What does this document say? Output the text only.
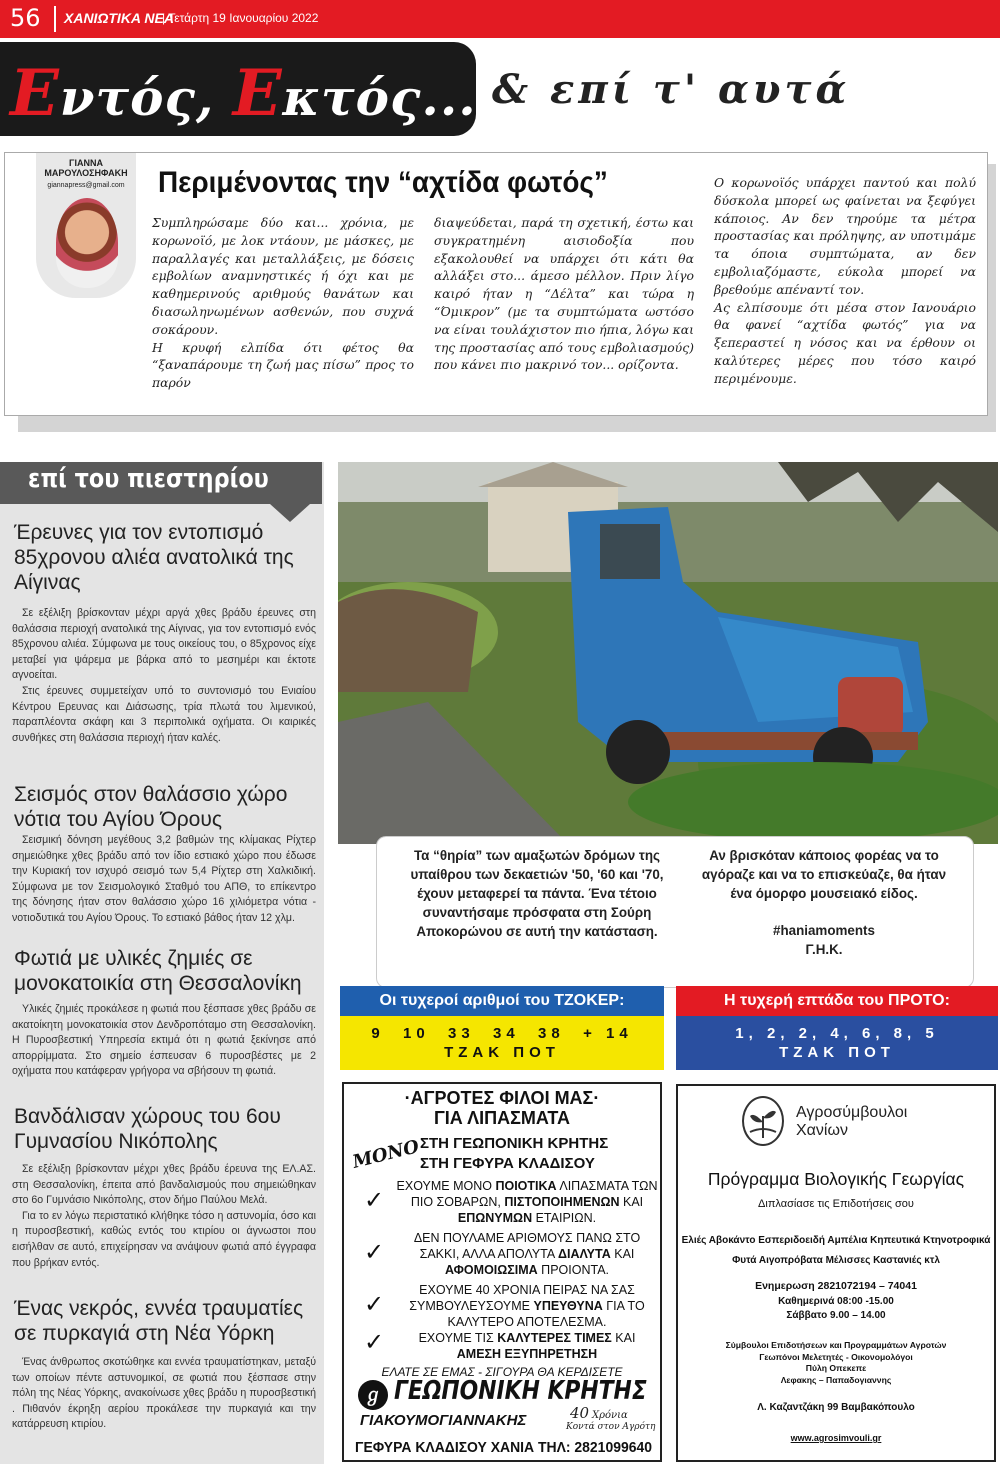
56 ΧΑΝΙΩΤΙΚΑ ΝΕΑ
| Τετάρτη 19 Ιανουαρίου 2022
Εντός, Εκτός... & επί τ' αυτά
ΓΙΑΝΝΑ
ΜΑΡΟΥΛΟΣΗΦΑΚΗ
giannapress@gmail.com	Περιμένοντας την “αχτίδα φωτός”

Συμπληρώσαμε δύο και... χρόνια, με κορωνοϊό, με λοκ ντάουν, με μάσκες, με παραλλαγές και μεταλλάξεις, με δόσεις εμβολίων αναμνηστικές ή όχι και με καθημερινούς αριθμούς θανάτων και διασωληνωμένων ασθενών, που συχνά σοκάρουν.

Η κρυφή ελπίδα ότι φέτος θα “ξαναπάρουμε τη ζωή μας πίσω” προς το παρόν

διαψεύδεται, παρά τη σχετική, έστω και συγκρατημένη αισιοδοξία που εξακολουθεί να υπάρχει ότι κάτι θα αλλάξει στο... άμεσο μέλλον. Πριν λίγο καιρό ήταν η “Δέλτα” και τώρα η “Όμικρον” (με τα συμπτώματα ωστόσο να είναι τουλάχιστον πιο ήπια, λόγω και της προστασίας από τους εμβολιασμούς) που κάνει πιο μακρινό τον... ορίζοντα.

Ο κορωνοϊός υπάρχει παντού και πολύ δύσκολα μπορεί ως φαίνεται να ξεφύγει κάποιος. Αν δεν τηρούμε τα μέτρα προστασίας και πρόληψης, αν υποτιμάμε τα όποια συμπτώματα, αν δεν εμβολιαζόμαστε, εύκολα μπορεί να βρεθούμε απέναντί τον.

Ας ελπίσουμε ότι μέσα στον Ιανουάριο θα φανεί “αχτίδα φωτός” για να ξεπεραστεί η νόσος και να έρθουν οι καλύτερες μέρες που τόσο καιρό περιμένουμε.

επί του πιεστηρίου
Έρευνες για τον εντοπισμό 85χρονου αλιέα ανατολικά της Αίγινας

Σε εξέλιξη βρίσκονταν μέχρι αργά χθες βράδυ έρευνες στη θαλάσσια περιοχή ανατολικά της Αίγινας, για τον εντοπισμό ενός 85χρονου αλιέα. Σύμφωνα με τους οικείους του, ο 85χρονος είχε μεταβεί για ψάρεμα με βάρκα από το μεσημέρι και έκτοτε αγνοείται.

Στις έρευνες συμμετείχαν υπό το συντονισμό του Ενιαίου Κέντρου Ερευνας και Διάσωσης, τρία πλωτά του λιμενικού, παραπλέοντα σκάφη και 3 περιπολικά οχήματα. Οι καιρικές συνθήκες στη θαλάσσια περιοχή ήταν καλές.

Σεισμός στον θαλάσσιο χώρο νότια του Αγίου Όρους

Σεισμική δόνηση μεγέθους 3,2 βαθμών της κλίμακας Ρίχτερ σημειώθηκε χθες βράδυ από τον ίδιο εστιακό χώρο που έδωσε την Κυριακή τον ισχυρό σεισμό των 5,4 Ρίχτερ στη Χαλκιδική. Σύμφωνα με τον Σεισμολογικό Σταθμό του ΑΠΘ, το επίκεντρο της δόνησης ήταν στον θαλάσσιο χώρο 16 χιλιόμετρα νότια - νοτιοδυτικά του Αγίου Όρους. Το εστιακό βάθος ήταν 12 χλμ.

Φωτιά με υλικές ζημιές σε μονοκατοικία στη Θεσσαλονίκη

Υλικές ζημιές προκάλεσε η φωτιά που ξέσπασε χθες βράδυ σε ακατοίκητη μονοκατοικία στον Δενδροπόταμο στη Θεσσαλονίκη. Η Πυροσβεστική Υπηρεσία εκτιμά ότι η φωτιά ξεκίνησε από απορρίμματα. Στο σημείο έσπευσαν 6 πυροσβέστες με 2 οχήματα που κατάφεραν γρήγορα να σβήσουν τη φωτιά.

Βανδάλισαν χώρους του 6ου Γυμνασίου Νικόπολης

Σε εξέλιξη βρίσκονταν μέχρι χθες βράδυ έρευνα της ΕΛ.ΑΣ. στη Θεσσαλονίκη, έπειτα από βανδαλισμούς που σημειώθηκαν στο 6ο Γυμνάσιο Νικόπολης, στον δήμο Παύλου Μελά.

Για το εν λόγω περιστατικό κλήθηκε τόσο η αστυνομία, όσο και η πυροσβεστική, καθώς εντός του κτιρίου οι άγνωστοι που εισήλθαν σε αυτό, επιχείρησαν να ανάψουν φωτιά από έγγραφα που βρήκαν εντός.

Ένας νεκρός, εννέα τραυματίες σε πυρκαγιά στη Νέα Υόρκη

Ένας άνθρωπος σκοτώθηκε και εννέα τραυματίστηκαν, μεταξύ των οποίων πέντε αστυνομικοί, σε φωτιά που ξέσπασε στην πόλη της Νέας Υόρκης, ανακοίνωσε χθες βράδυ η πυροσβεστική . Πιθανόν έκρηξη αερίου προκάλεσε την πυρκαγιά και την κατάρρευση κτιρίου.

Τα “θηρία” των αμαξωτών δρόμων της υπαίθρου των δεκαετιών '50, '60 και '70, έχουν μεταφερεί τα πάντα. Ένα τέτοιο συναντήσαμε πρόσφατα στη Σούρη Αποκορώνου σε αυτή την κατάσταση.
Αν βρισκόταν κάποιος φορέας να το αγόραζε και να το επισκεύαζε, θα ήταν ένα όμορφο μουσειακό είδος.
#haniamoments
Γ.Η.Κ.
Οι τυχεροί αριθμοί του ΤΖΟΚΕΡ:
9  10  33  34  38  + 14
ΤΖΑΚ ΠΟΤ
Η τυχερή επτάδα του ΠΡΟΤΟ:
1, 2, 2, 4, 6, 8, 5
ΤΖΑΚ ΠΟΤ
·ΑΓΡΟΤΕΣ ΦΙΛΟΙ ΜΑΣ·
ΓΙΑ ΛΙΠΑΣΜΑΤΑ
ΜΟΝΟ
ΣΤΗ ΓΕΩΠΟΝΙΚΗ ΚΡΗΤΗΣ
ΣΤΗ ΓΕΦΥΡΑ ΚΛΑΔΙΣΟΥ
✓
ΕΧΟΥΜΕ ΜΟΝΟ ΠΟΙΟΤΙΚΑ ΛΙΠΑΣΜΑΤΑ ΤΩΝ ΠΙΟ ΣΟΒΑΡΩΝ, ΠΙΣΤΟΠΟΙΗΜΕΝΩΝ ΚΑΙ ΕΠΩΝΥΜΩΝ ΕΤΑΙΡΙΩΝ.
✓
ΔΕΝ ΠΟΥΛΑΜΕ ΑΡΙΘΜΟΥΣ ΠΑΝΩ ΣΤΟ ΣΑΚΚΙ, ΑΛΛΑ ΑΠΟΛΥΤΑ ΔΙΑΛΥΤΑ ΚΑΙ ΑΦΟΜΟΙΩΣΙΜΑ ΠΡΟΙΟΝΤΑ.
✓
ΕΧΟΥΜΕ 40 ΧΡΟΝΙΑ ΠΕΙΡΑΣ ΝΑ ΣΑΣ ΣΥΜΒΟΥΛΕΥΣΟΥΜΕ ΥΠΕΥΘΥΝΑ ΓΙΑ ΤΟ ΚΑΛΥΤΕΡΟ ΑΠΟΤΕΛΕΣΜΑ.
✓	ΕΧΟΥΜΕ ΤΙΣ ΚΑΛΥΤΕΡΕΣ ΤΙΜΕΣ ΚΑΙ ΑΜΕΣΗ ΕΞΥΠΗΡΕΤΗΣΗ
ΕΛΑΤΕ ΣΕ ΕΜΑΣ - ΣΙΓΟΥΡΑ ΘΑ ΚΕΡΔΙΣΕΤΕ
ℊ ΓΕΩΠΟΝΙΚΗ ΚΡΗΤΗΣ
ΓΙΑΚΟΥΜΟΓΙΑΝΝΑΚΗΣ	40 Χρόνια
Κοντά στον Αγρότη
ΓΕΦΥΡΑ ΚΛΑΔΙΣΟΥ ΧΑΝΙΑ ΤΗΛ: 2821099640
Αγροσύμβουλοι
Χανίων
Πρόγραμμα Βιολογικής Γεωργίας
Διπλασίασε τις Επιδοτήσεις σου
Ελιές Αβοκάντο Εσπεριδοειδή Αμπέλια Κηπευτικά Κτηνοτροφικά
Φυτά Αιγοπρόβατα Μέλισσες Καστανιές κτλ
Ενημερωση 2821072194 – 74041
Καθημερινά 08:00 -15.00
Σάββατο 9.00 – 14.00
Σύμβουλοι Επιδοτήσεων και Προγραμμάτων Αγροτών
Γεωπόνοι Μελετητές - Οικονομολόγοι
Πύλη Οπεκεπε
Λεφακης – Παπαδογιαννης
Λ. Καζαντζάκη 99 Βαμβακόπουλο
www.agrosimvouli.gr
